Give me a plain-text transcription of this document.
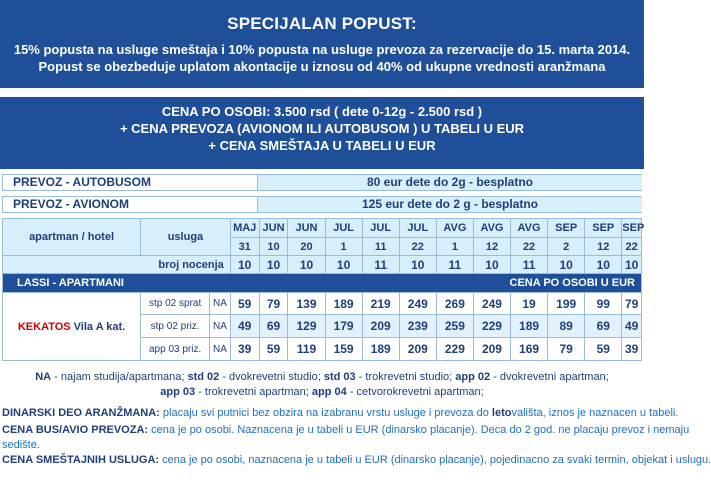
SPECIJALAN POPUST:
15% popusta na usluge smeštaja i 10% popusta na usluge prevoza za rezervacije do 15. marta 2014.
Popust se obezbeduje uplatom akontacije u iznosu od 40% od ukupne vrednosti aranžmana
CENA PO OSOBI: 3.500 rsd ( dete 0-12g - 2.500 rsd )
+ CENA PREVOZA (AVIONOM ILI AUTOBUSOM ) U TABELI U EUR
+ CENA SMEŠTAJA U TABELI U EUR
PREVOZ - AUTOBUSOM	80 eur dete do 2g - besplatno
PREVOZ - AVIONOM	125 eur dete do 2 g - besplatno
apartman / hotel	usluga		MAJ	JUN	JUN	JUL	JUL	JUL	AVG	AVG	AVG	SEP	SEP	SEP
			31	10	20	1	11	22	1	12	22	2	12	22
broj nocenja			10	10	10	10	11	10	11	10	11	10	10	10

LASSI - APARTMANI CENA PO OSOBI U EUR														

KEKATOS Vila A kat.	stp 02 sprat	NA	59	79	139	189	219	249	269	249	19	199	99	79
	stp 02 priz.	NA	49	69	129	179	209	239	259	229	189	89	69	49
	app 03 priz.	NA	39	59	119	159	189	209	229	209	169	79	59	39
NA - najam studija/apartmana; std 02 - dvokrevetni studio; std 03 - trokrevetni studio; app 02 - dvokrevetni apartman;
app 03 - trokrevetni apartman; app 04 - cetvorokrevetni apartman;
DINARSKI DEO ARANŽMANA: placaju svi putnici bez obzira na izabranu vrstu usluge i prevoza do letovališta, iznos je naznacen u tabeli.
CENA BUS/AVIO PREVOZA: cena je po osobi. Naznacena je u tabeli u EUR (dinarsko placanje). Deca do 2 god. ne placaju prevoz i nemaju
sedište.
CENA SMEŠTAJNIH USLUGA: cena je po osobi, naznacena je u tabeli u EUR (dinarsko placanje), pojedinacno za svaki termin, objekat i uslugu.
